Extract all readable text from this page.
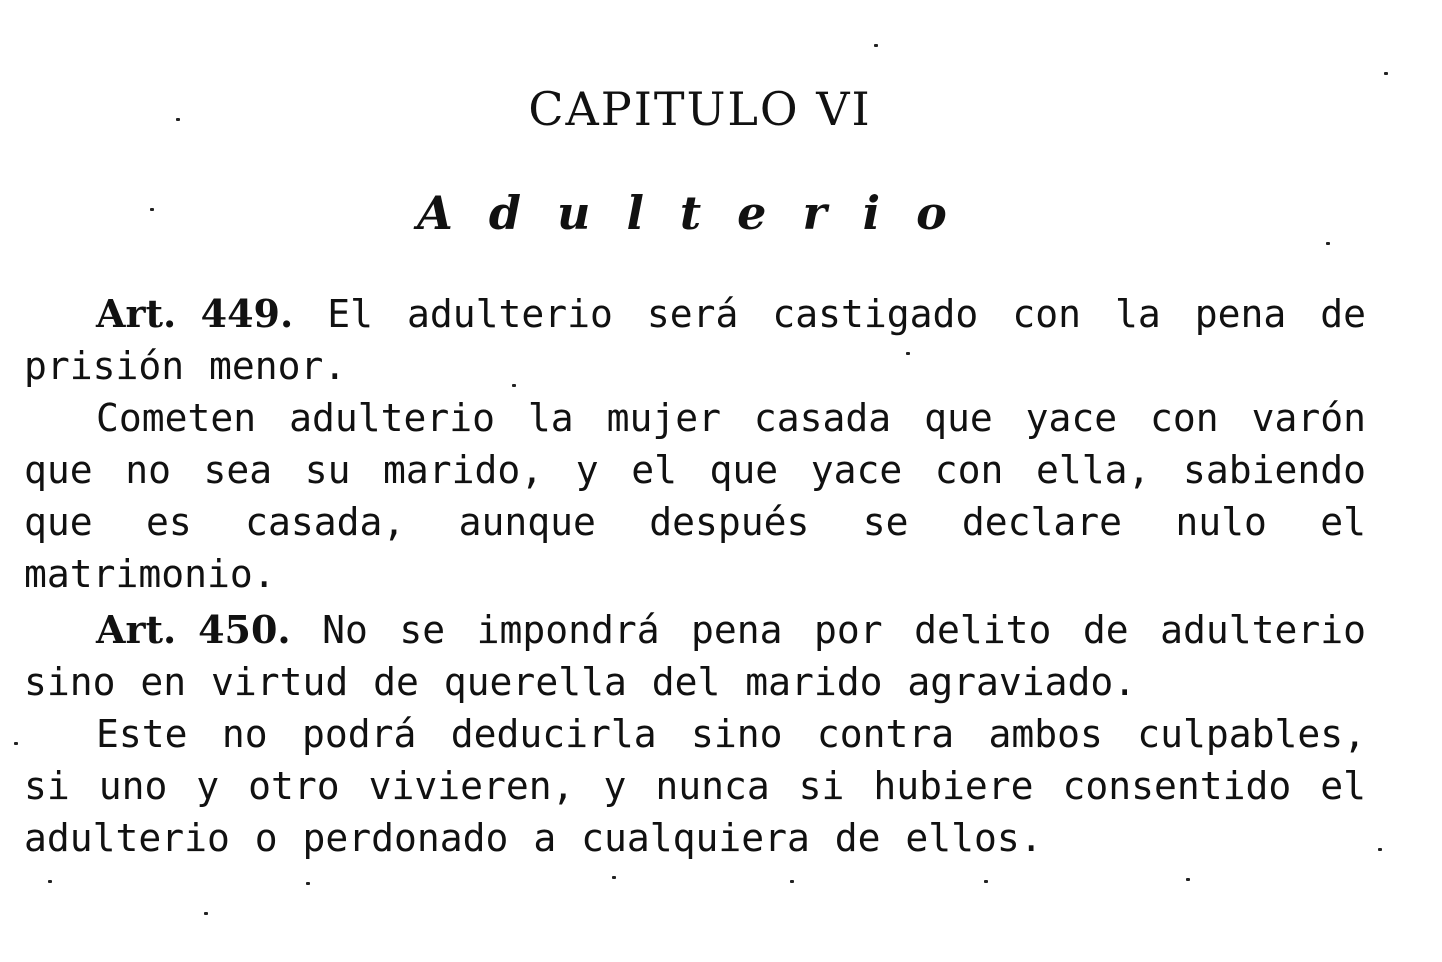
CAPITULO VI
Adulterio

Art. 449. El adulterio será castigado con la pena de prisión menor.

Cometen adulterio la mujer casada que yace con varón que no sea su marido, y el que yace con ella, sabiendo que es casada, aunque después se declare nulo el matrimonio.

Art. 450. No se impondrá pena por delito de adulterio sino en virtud de querella del marido agraviado.

Este no podrá deducirla sino contra ambos culpables, si uno y otro vivieren, y nunca si hubiere consentido el adulterio o perdonado a cualquiera de ellos.
